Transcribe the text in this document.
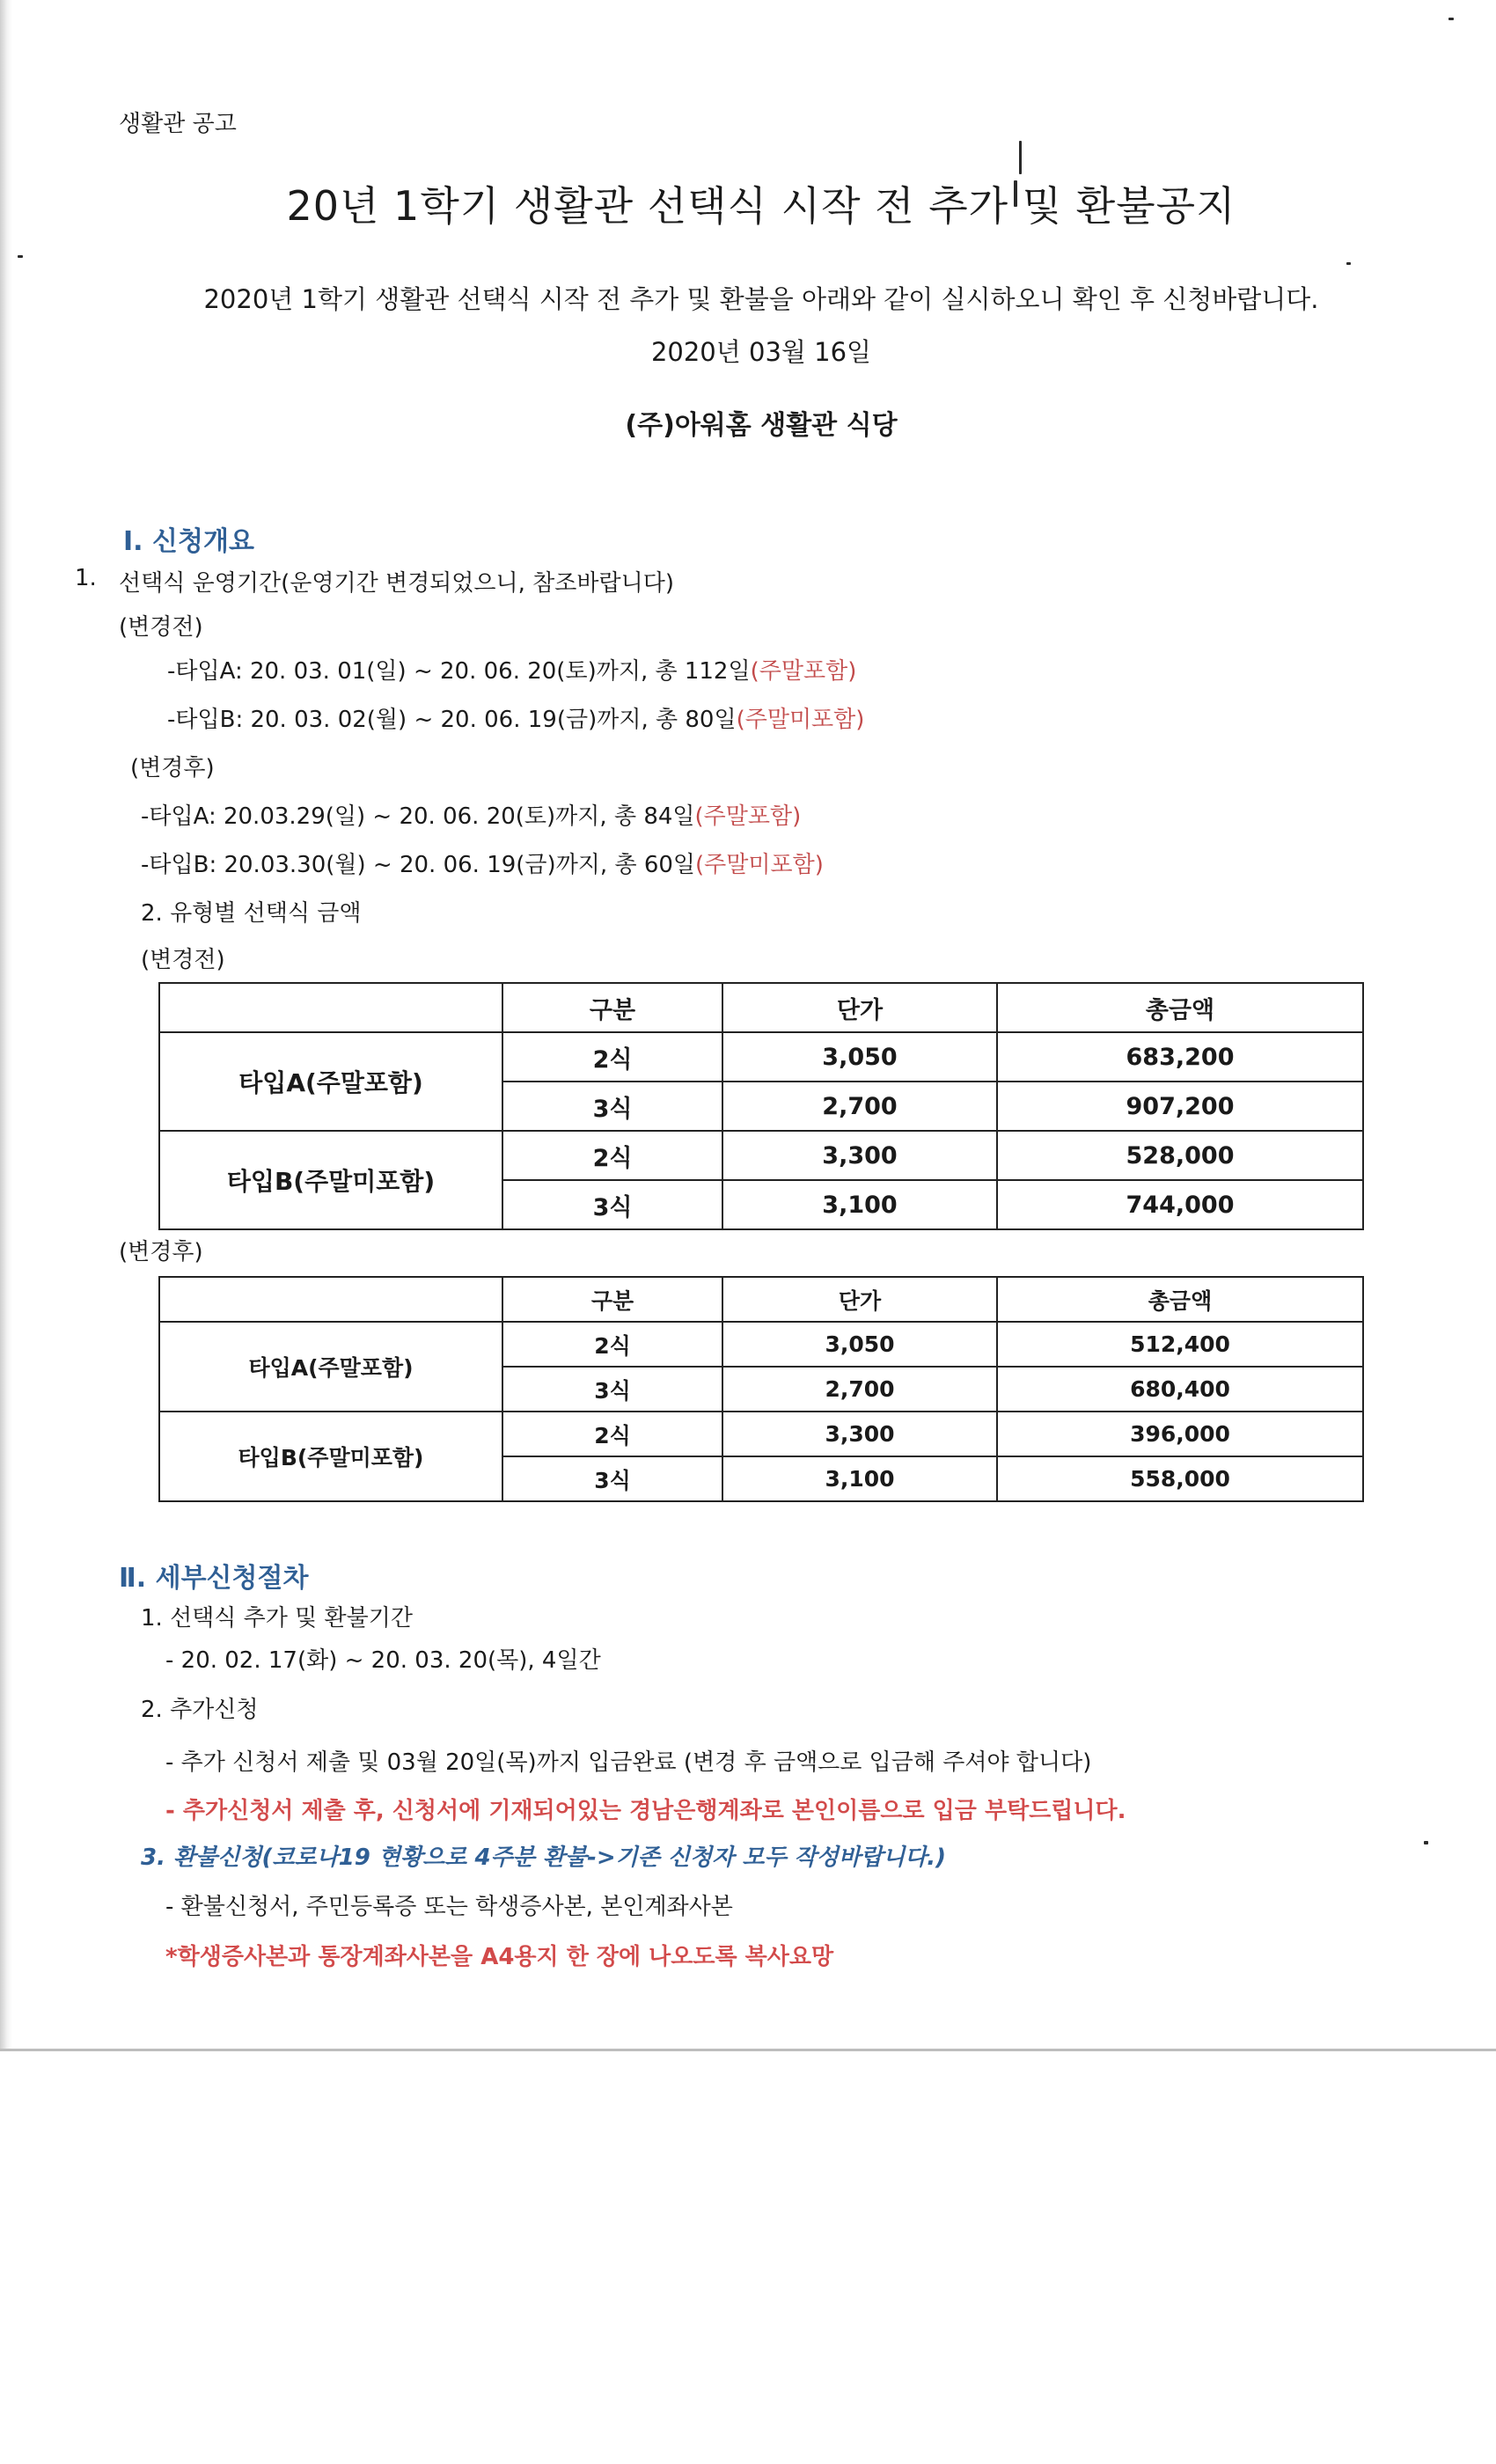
생활관 공고
20년 1학기 생활관 선택식 시작 전 추가 및 환불공지
2020년 1학기 생활관 선택식 시작 전 추가 및 환불을 아래와 같이 실시하오니 확인 후 신청바랍니다.
2020년 03월 16일
(주)아워홈 생활관 식당
Ⅰ. 신청개요
1. 선택식 운영기간(운영기간 변경되었으니, 참조바랍니다)
(변경전)
-타입A: 20. 03. 01(일) ~ 20. 06. 20(토)까지, 총 112일(주말포함)
-타입B: 20. 03. 02(월) ~ 20. 06. 19(금)까지, 총 80일(주말미포함)
(변경후)
-타입A: 20.03.29(일) ~ 20. 06. 20(토)까지, 총 84일(주말포함)
-타입B: 20.03.30(월) ~ 20. 06. 19(금)까지, 총 60일(주말미포함)
2. 유형별 선택식 금액
(변경전)
	구분	단가	총금액
타입A(주말포함)	2식	3,050	683,200
	3식	2,700	907,200
타입B(주말미포함)	2식	3,300	528,000
	3식	3,100	744,000
(변경후)
	구분	단가	총금액
타입A(주말포함)	2식	3,050	512,400
	3식	2,700	680,400
타입B(주말미포함)	2식	3,300	396,000
	3식	3,100	558,000
Ⅱ. 세부신청절차
1. 선택식 추가 및 환불기간
- 20. 02. 17(화) ~ 20. 03. 20(목), 4일간
2. 추가신청
- 추가 신청서 제출 및 03월 20일(목)까지 입금완료 (변경 후 금액으로 입금해 주셔야 합니다)
- 추가신청서 제출 후, 신청서에 기재되어있는 경남은행계좌로 본인이름으로 입금 부탁드립니다.
3. 환불신청(코로나19 현황으로 4주분 환불->기존 신청자 모두 작성바랍니다.)
- 환불신청서, 주민등록증 또는 학생증사본, 본인계좌사본
*학생증사본과 통장계좌사본을 A4용지 한 장에 나오도록 복사요망
